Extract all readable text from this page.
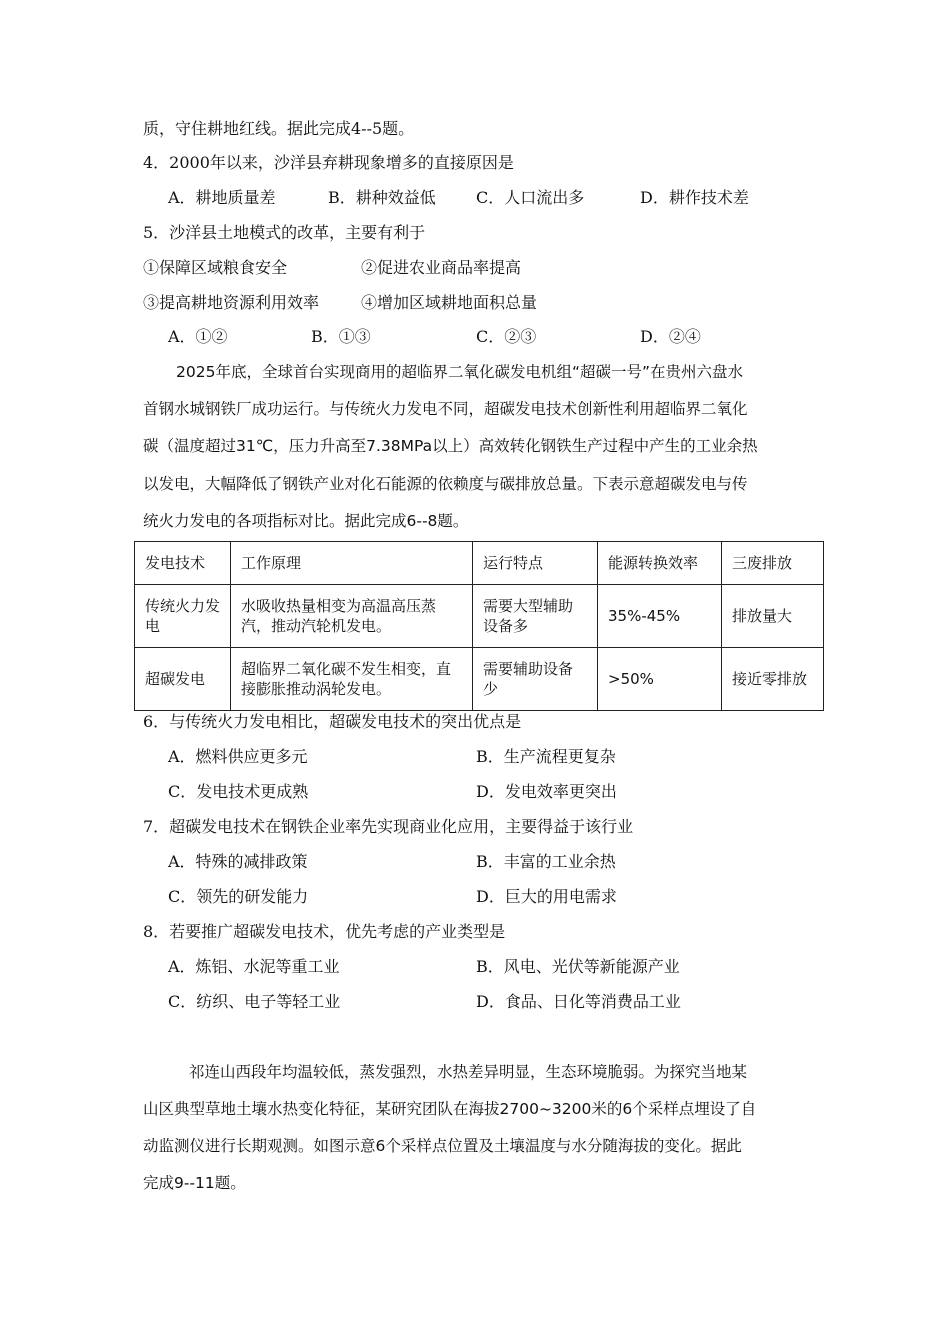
质，守住耕地红线。据此完成4--5题。
4．2000年以来，沙洋县弃耕现象增多的直接原因是
A．耕地质量差	B．耕种效益低	C．人口流出多	D．耕作技术差
5．沙洋县土地模式的改革，主要有利于
①保障区域粮食安全	②促进农业商品率提高
③提高耕地资源利用效率	④增加区域耕地面积总量
A．①②	B．①③	C．②③	D．②④
2025年底，全球首台实现商用的超临界二氧化碳发电机组“超碳一号”在贵州六盘水
首钢水城钢铁厂成功运行。与传统火力发电不同，超碳发电技术创新性利用超临界二氧化
碳（温度超过31℃，压力升高至7.38MPa以上）高效转化钢铁生产过程中产生的工业余热
以发电，大幅降低了钢铁产业对化石能源的依赖度与碳排放总量。下表示意超碳发电与传
统火力发电的各项指标对比。据此完成6--8题。
发电技术	工作原理	运行特点	能源转换效率	三废排放
传统火力发电	水吸收热量相变为高温高压蒸汽，推动汽轮机发电。	需要大型辅助设备多	35%-45%	排放量大
超碳发电	超临界二氧化碳不发生相变，直接膨胀推动涡轮发电。	需要辅助设备少	>50%	接近零排放
6．与传统火力发电相比，超碳发电技术的突出优点是
A．燃料供应更多元	B．生产流程更复杂
C．发电技术更成熟	D．发电效率更突出
7．超碳发电技术在钢铁企业率先实现商业化应用，主要得益于该行业
A．特殊的减排政策	B．丰富的工业余热
C．领先的研发能力	D．巨大的用电需求
8．若要推广超碳发电技术，优先考虑的产业类型是
A．炼铝、水泥等重工业	B．风电、光伏等新能源产业
C．纺织、电子等轻工业	D．食品、日化等消费品工业
祁连山西段年均温较低，蒸发强烈，水热差异明显，生态环境脆弱。为探究当地某
山区典型草地土壤水热变化特征，某研究团队在海拔2700~3200米的6个采样点埋设了自
动监测仪进行长期观测。如图示意6个采样点位置及土壤温度与水分随海拔的变化。据此
完成9--11题。
